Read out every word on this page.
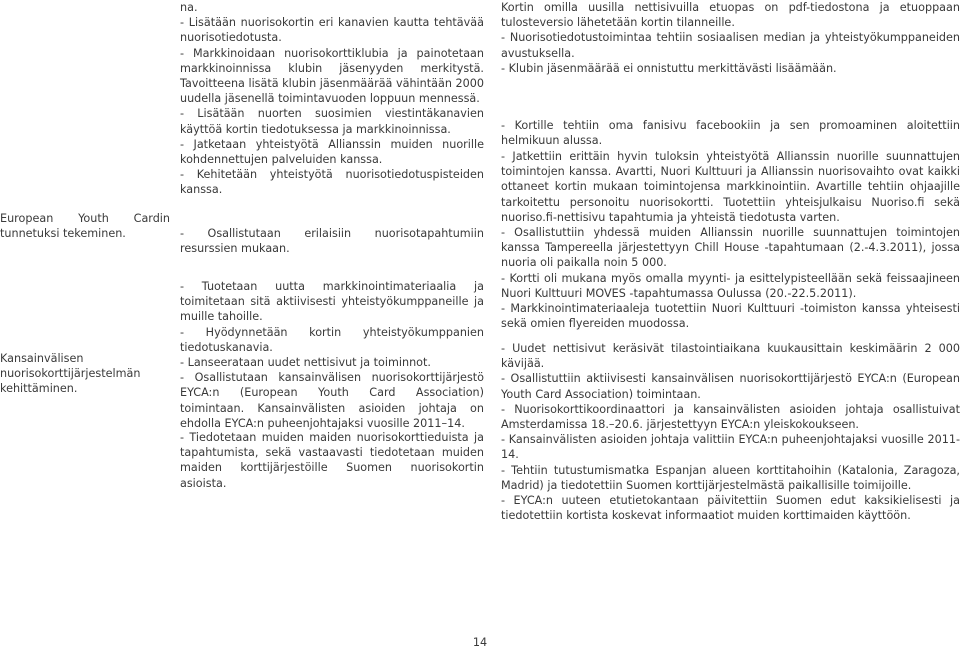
European Youth Cardin tunnetuksi tekeminen.

Kansainvälisen nuorisokorttijärjestelmän kehittäminen.

na.

- Lisätään nuorisokortin eri kanavien kautta tehtävää nuorisotiedotusta.

- Markkinoidaan nuorisokorttiklubia ja painotetaan markkinoinnissa klubin jäsenyyden merkitystä. Tavoitteena lisätä klubin jäsenmäärää vähintään 2000 uudella jäsenellä toimintavuoden loppuun mennessä.

- Lisätään nuorten suosimien viestintäkanavien käyttöä kortin tiedotuksessa ja markkinoinnissa.

- Jatketaan yhteistyötä Allianssin muiden nuorille kohdennettujen palveluiden kanssa.

- Kehitetään yhteistyötä nuorisotiedotuspisteiden kanssa.

- Osallistutaan erilaisiin nuorisotapahtumiin resurssien mukaan.

- Tuotetaan uutta markkinointimateriaalia ja toimitetaan sitä aktiivisesti yhteistyökumppaneille ja muille tahoille.

- Hyödynnetään kortin yhteistyökumppanien tiedotuskanavia.

- Lanseerataan uudet nettisivut ja toiminnot.

- Osallistutaan kansainvälisen nuorisokorttijärjestö EYCA:n (European Youth Card Association) toimintaan. Kansainvälisten asioiden johtaja on ehdolla EYCA:n puheenjohtajaksi vuosille 2011–14.

- Tiedotetaan muiden maiden nuorisokorttieduista ja tapahtumista, sekä vastaavasti tiedotetaan muiden maiden korttijärjestöille Suomen nuorisokortin asioista.

Kortin omilla uusilla nettisivuilla etuopas on pdf-tiedostona ja etuoppaan tulosteversio lähetetään kortin tilanneille.

- Nuorisotiedotustoimintaa tehtiin sosiaalisen median ja yhteistyökumppaneiden avustuksella.

- Klubin jäsenmäärää ei onnistuttu merkittävästi lisäämään.

- Kortille tehtiin oma fanisivu facebookiin ja sen promoaminen aloitettiin helmikuun alussa.

- Jatkettiin erittäin hyvin tuloksin yhteistyötä Allianssin nuorille suunnattujen toimintojen kanssa. Avartti, Nuori Kulttuuri ja Allianssin nuorisovaihto ovat kaikki ottaneet kortin mukaan toimintojensa markkinointiin. Avartille tehtiin ohjaajille tarkoitettu personoitu nuorisokortti. Tuotettiin yhteisjulkaisu Nuoriso.fi sekä nuoriso.fi-nettisivu tapahtumia ja yhteistä tiedotusta varten.

- Osallistuttiin yhdessä muiden Allianssin nuorille suunnattujen toimintojen kanssa Tampereella järjestettyyn Chill House -tapahtumaan (2.-4.3.2011), jossa nuoria oli paikalla noin 5 000.

- Kortti oli mukana myös omalla myynti- ja esittelypisteellään sekä feissaajineen Nuori Kulttuuri MOVES -tapahtumassa Oulussa (20.-22.5.2011).

- Markkinointimateriaaleja tuotettiin Nuori Kulttuuri -toimiston kanssa yhteisesti sekä omien flyereiden muodossa.

- Uudet nettisivut keräsivät tilastointiaikana kuukausittain keskimäärin 2 000 kävijää.

- Osallistuttiin aktiivisesti kansainvälisen nuorisokorttijärjestö EYCA:n (European Youth Card Association) toimintaan.

- Nuorisokorttikoordinaattori ja kansainvälisten asioiden johtaja osallistuivat Amsterdamissa 18.–20.6. järjestettyyn EYCA:n yleiskokoukseen.

- Kansainvälisten asioiden johtaja valittiin EYCA:n puheenjohtajaksi vuosille 2011-14.

- Tehtiin tutustumismatka Espanjan alueen korttitahoihin (Katalonia, Zaragoza, Madrid) ja tiedotettiin Suomen korttijärjestelmästä paikallisille toimijoille.

- EYCA:n uuteen etutietokantaan päivitettiin Suomen edut kaksikielisesti ja tiedotettiin kortista koskevat informaatiot muiden korttimaiden käyttöön.

14
